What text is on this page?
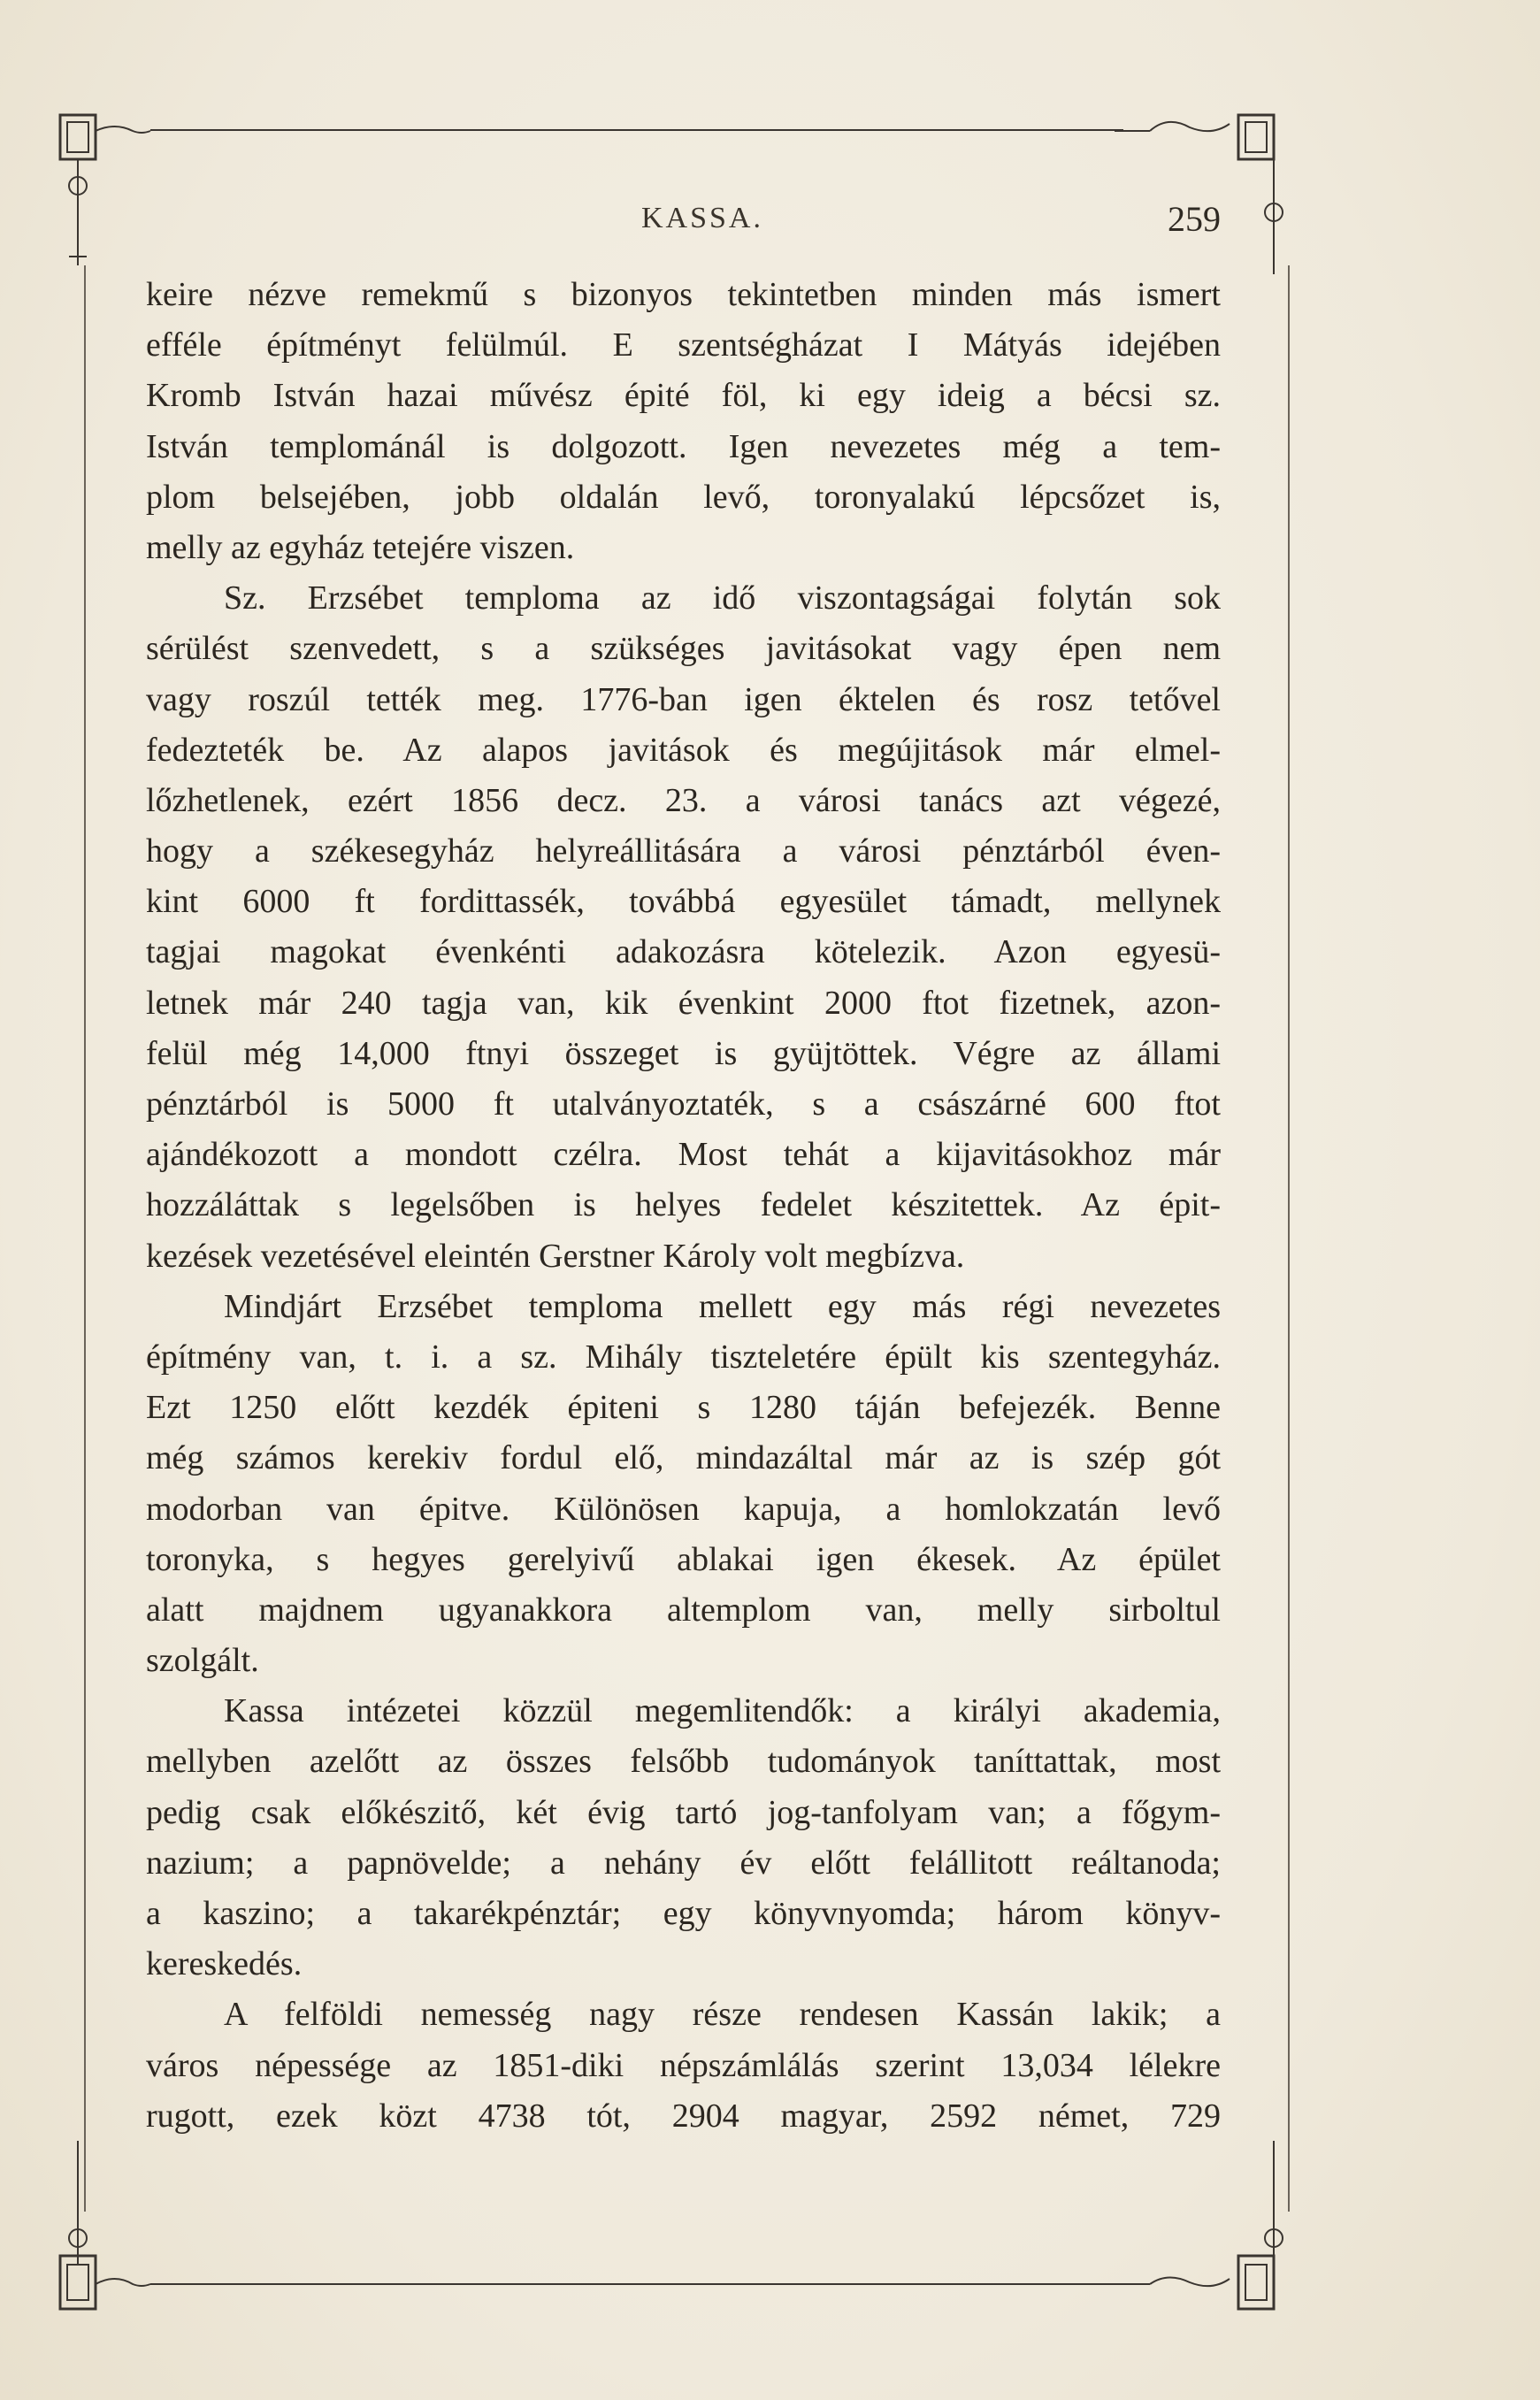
KASSA.	259
keire nézve remekmű s bizonyos tekintetben minden más ismert
efféle építményt felülmúl. E szentségházat I Mátyás idejében
Kromb István hazai művész épité föl, ki egy ideig a bécsi sz.
István templománál is dolgozott. Igen nevezetes még a tem-
plom belsejében, jobb oldalán levő, toronyalakú lépcsőzet is,
melly az egyház tetejére viszen.
Sz. Erzsébet temploma az idő viszontagságai folytán sok
sérülést szenvedett, s a szükséges javitásokat vagy épen nem
vagy roszúl tették meg. 1776-ban igen éktelen és rosz tetővel
fedezteték be. Az alapos javitások és megújitások már elmel-
lőzhetlenek, ezért 1856 decz. 23. a városi tanács azt végezé,
hogy a székesegyház helyreállitására a városi pénztárból éven-
kint 6000 ft fordittassék, továbbá egyesület támadt, mellynek
tagjai magokat évenkénti adakozásra kötelezik. Azon egyesü-
letnek már 240 tagja van, kik évenkint 2000 ftot fizetnek, azon-
felül még 14,000 ftnyi összeget is gyüjtöttek. Végre az állami
pénztárból is 5000 ft utalványoztaték, s a császárné 600 ftot
ajándékozott a mondott czélra. Most tehát a kijavitásokhoz már
hozzáláttak s legelsőben is helyes fedelet készitettek. Az épit-
kezések vezetésével eleintén Gerstner Károly volt megbízva.
Mindjárt Erzsébet temploma mellett egy más régi nevezetes
építmény van, t. i. a sz. Mihály tiszteletére épült kis szentegyház.
Ezt 1250 előtt kezdék épiteni s 1280 táján befejezék. Benne
még számos kerekiv fordul elő, mindazáltal már az is szép gót
modorban van épitve. Különösen kapuja, a homlokzatán levő
toronyka, s hegyes gerelyivű ablakai igen ékesek. Az épület
alatt majdnem ugyanakkora altemplom van, melly sirboltul
szolgált.
Kassa intézetei közzül megemlitendők: a királyi akademia,
mellyben azelőtt az összes felsőbb tudományok taníttattak, most
pedig csak előkészitő, két évig tartó jog-tanfolyam van; a főgym-
nazium; a papnövelde; a nehány év előtt felállitott reáltanoda;
a kaszino; a takarékpénztár; egy könyvnyomda; három könyv-
kereskedés.
A felföldi nemesség nagy része rendesen Kassán lakik; a
város népessége az 1851-diki népszámlálás szerint 13,034 lélekre
rugott, ezek közt 4738 tót, 2904 magyar, 2592 német, 729
